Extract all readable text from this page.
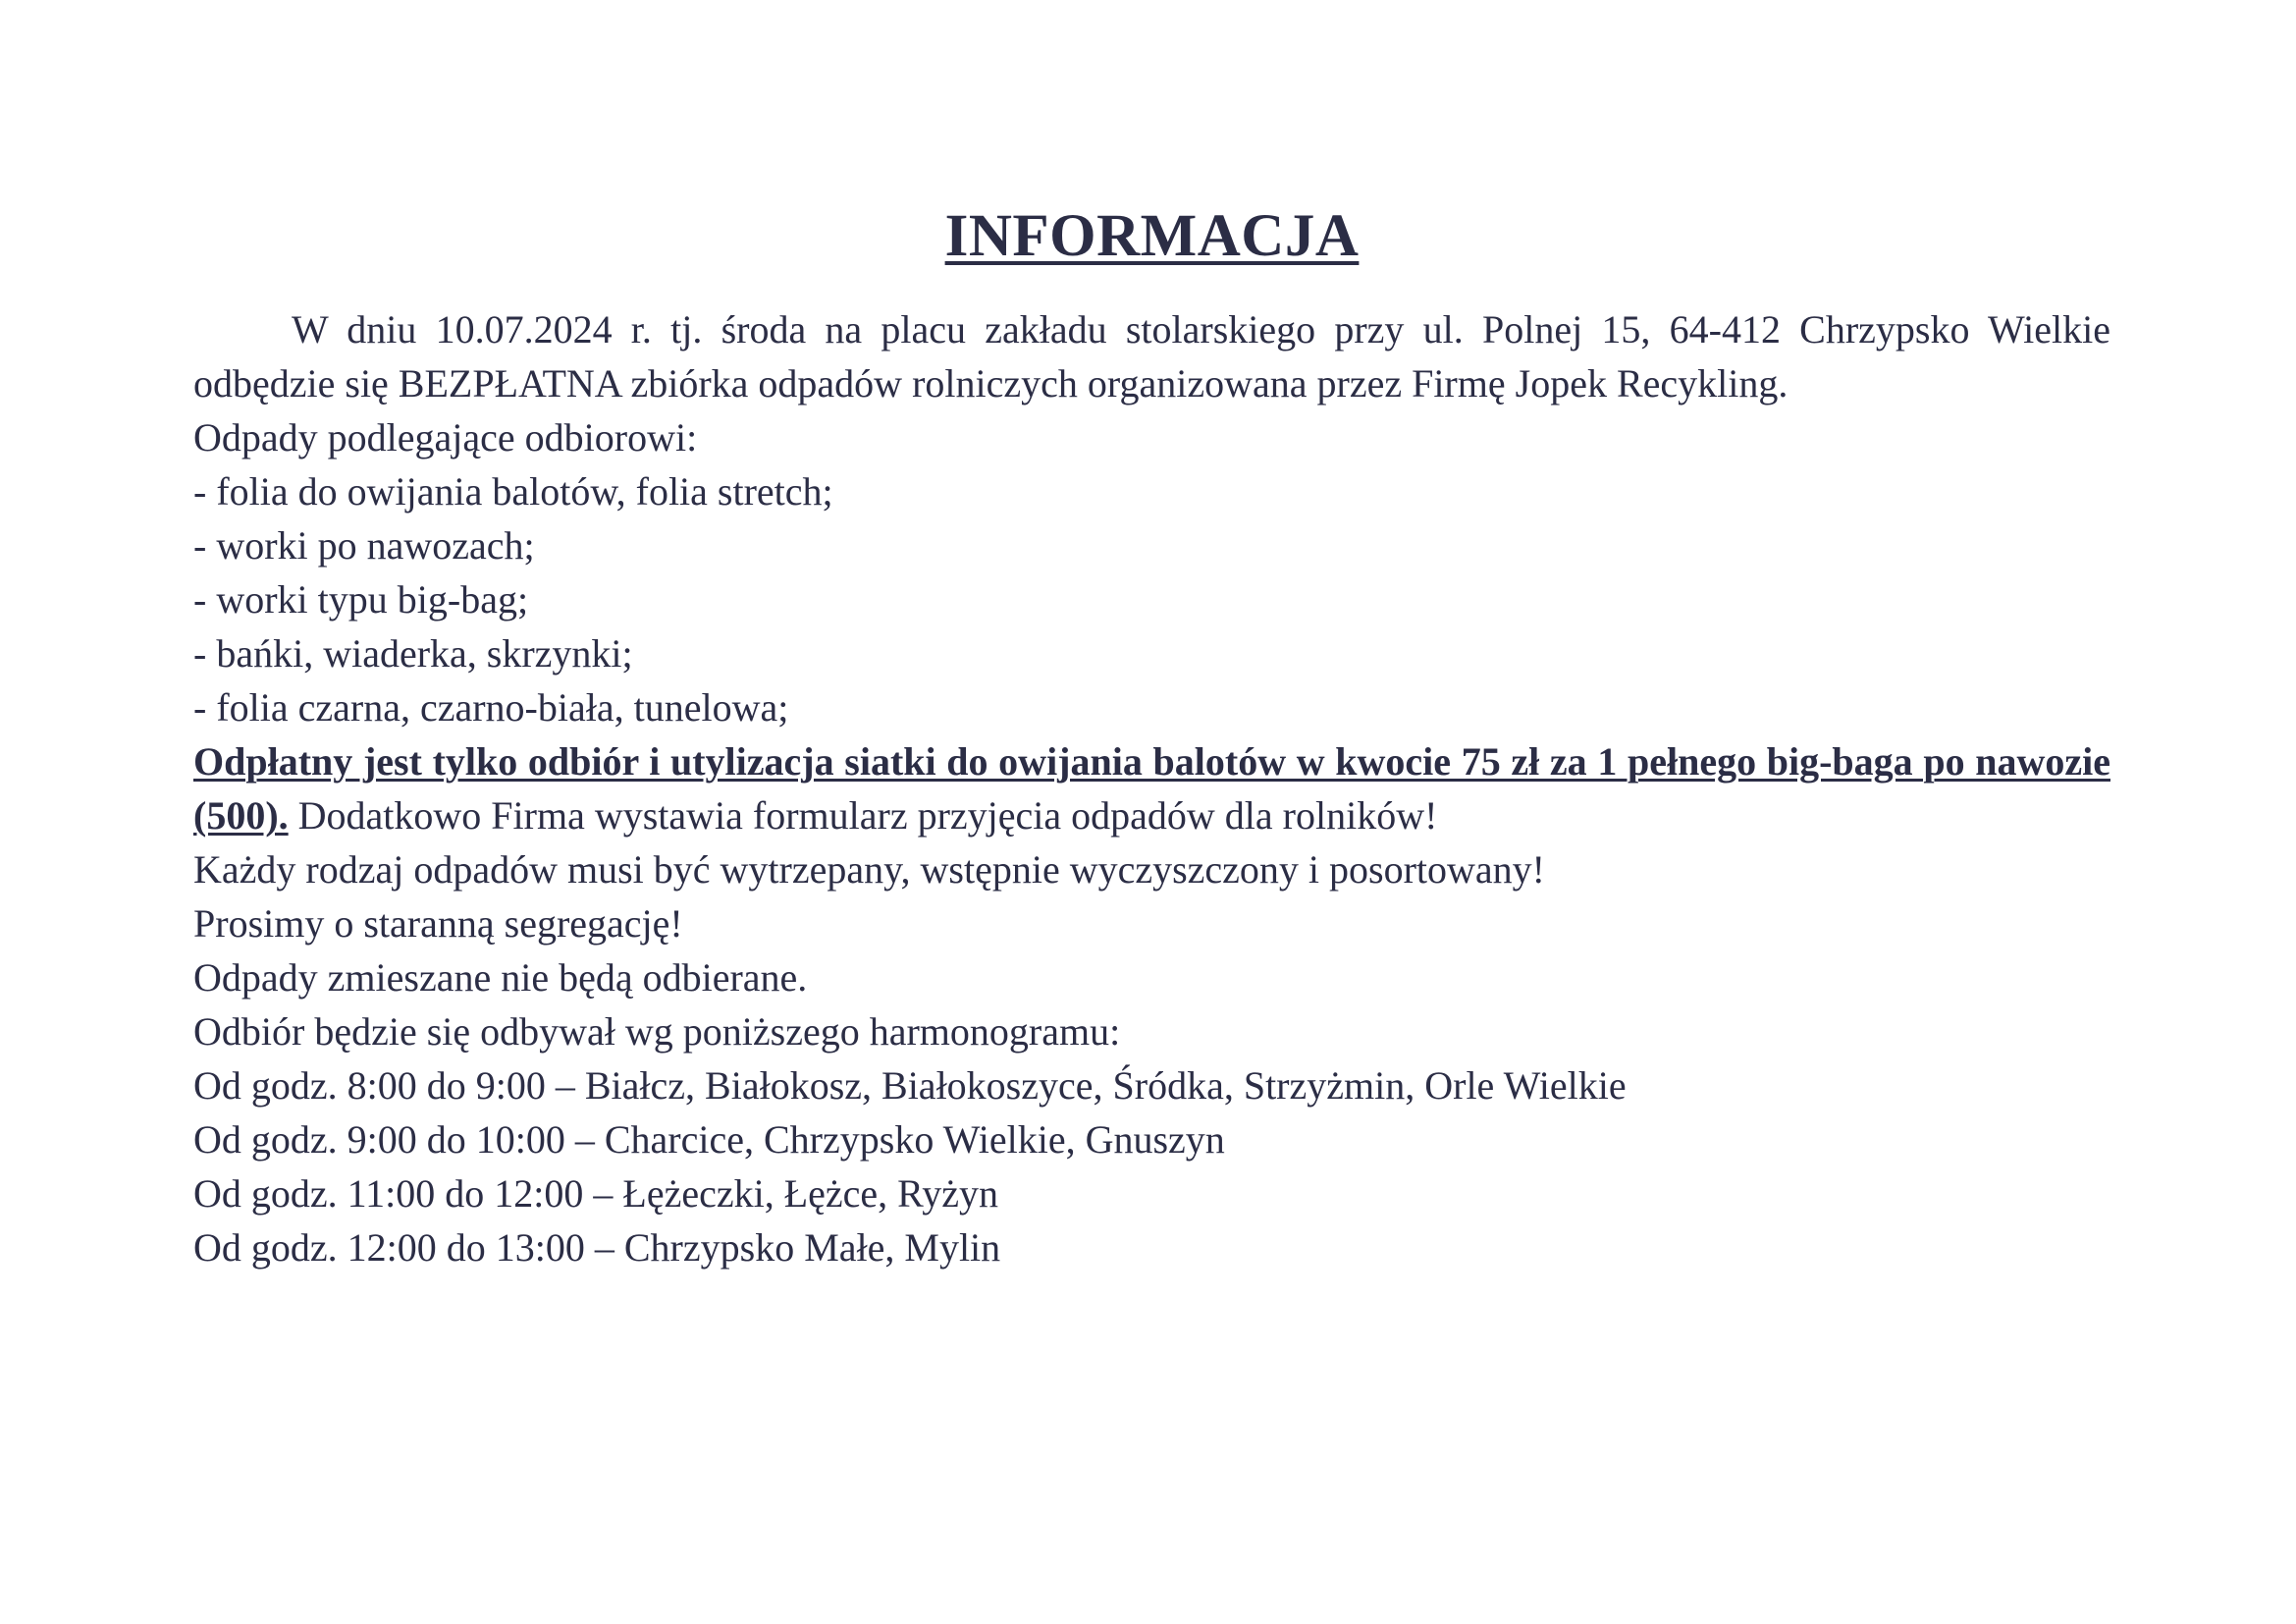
INFORMACJA

W dniu 10.07.2024 r. tj. środa na placu zakładu stolarskiego przy ul. Polnej 15, 64-412 Chrzypsko Wielkie odbędzie się BEZPŁATNA zbiórka odpadów rolniczych organizowana przez Firmę Jopek Recykling.

Odpady podlegające odbiorowi:
- folia do owijania balotów, folia stretch;
- worki po nawozach;
- worki typu big-bag;
- bańki, wiaderka, skrzynki;
- folia czarna, czarno-biała, tunelowa;

Odpłatny jest tylko odbiór i utylizacja siatki do owijania balotów w kwocie 75 zł za 1 pełnego big-baga po nawozie (500). Dodatkowo Firma wystawia formularz przyjęcia odpadów dla rolników!

Każdy rodzaj odpadów musi być wytrzepany, wstępnie wyczyszczony i posortowany!
Prosimy o staranną segregację!
Odpady zmieszane nie będą odbierane.
Odbiór będzie się odbywał wg poniższego harmonogramu:
Od godz. 8:00 do 9:00 – Białcz, Białokosz, Białokoszyce, Śródka, Strzyżmin, Orle Wielkie
Od godz. 9:00 do 10:00 – Charcice, Chrzypsko Wielkie, Gnuszyn
Od godz. 11:00 do 12:00 – Łężeczki, Łężce, Ryżyn
Od godz. 12:00 do 13:00 – Chrzypsko Małe, Mylin
